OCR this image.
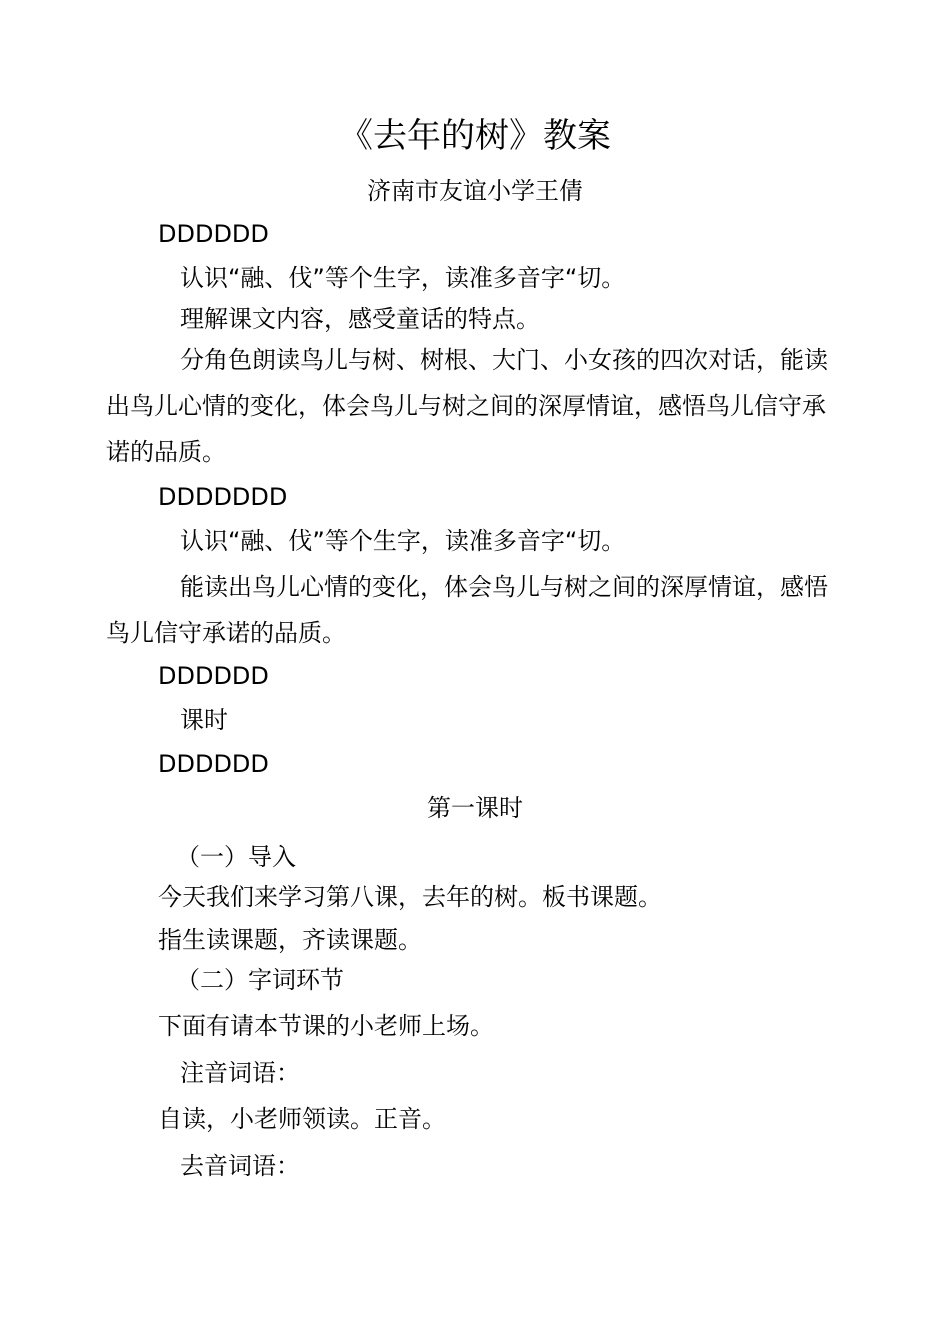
《去年的树》教案
济南市友谊小学王倩
DDDDDD
认识“融、伐”等个生字，读准多音字“切。
理解课文内容，感受童话的特点。
分角色朗读鸟儿与树、树根、大门、小女孩的四次对话，能读出鸟儿心情的变化，体会鸟儿与树之间的深厚情谊，感悟鸟儿信守承诺的品质。
DDDDDDD
认识“融、伐”等个生字，读准多音字“切。
能读出鸟儿心情的变化，体会鸟儿与树之间的深厚情谊，感悟鸟儿信守承诺的品质。
DDDDDD
课时
DDDDDD
第一课时
（一）导入
今天我们来学习第八课，去年的树。板书课题。
指生读课题，齐读课题。
（二）字词环节
下面有请本节课的小老师上场。
注音词语：
自读，小老师领读。正音。
去音词语：
